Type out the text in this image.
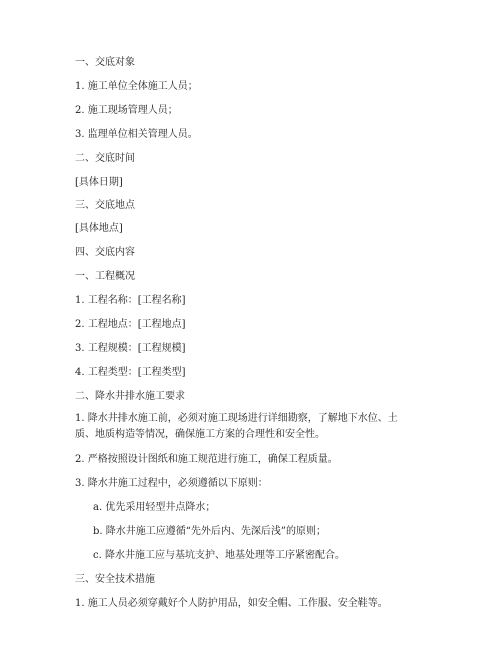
一、交底对象
1. 施工单位全体施工人员；
2. 施工现场管理人员；
3. 监理单位相关管理人员。
二、交底时间
[具体日期]
三、交底地点
[具体地点]
四、交底内容
一、工程概况
1. 工程名称：[工程名称]
2. 工程地点：[工程地点]
3. 工程规模：[工程规模]
4. 工程类型：[工程类型]
二、降水井排水施工要求
1. 降水井排水施工前，必须对施工现场进行详细勘察，了解地下水位、土质、地质构造等情况，确保施工方案的合理性和安全性。
2. 严格按照设计图纸和施工规范进行施工，确保工程质量。
3. 降水井施工过程中，必须遵循以下原则：
a. 优先采用轻型井点降水；
b. 降水井施工应遵循“先外后内、先深后浅”的原则；
c. 降水井施工应与基坑支护、地基处理等工序紧密配合。
三、安全技术措施
1. 施工人员必须穿戴好个人防护用品，如安全帽、工作服、安全鞋等。
